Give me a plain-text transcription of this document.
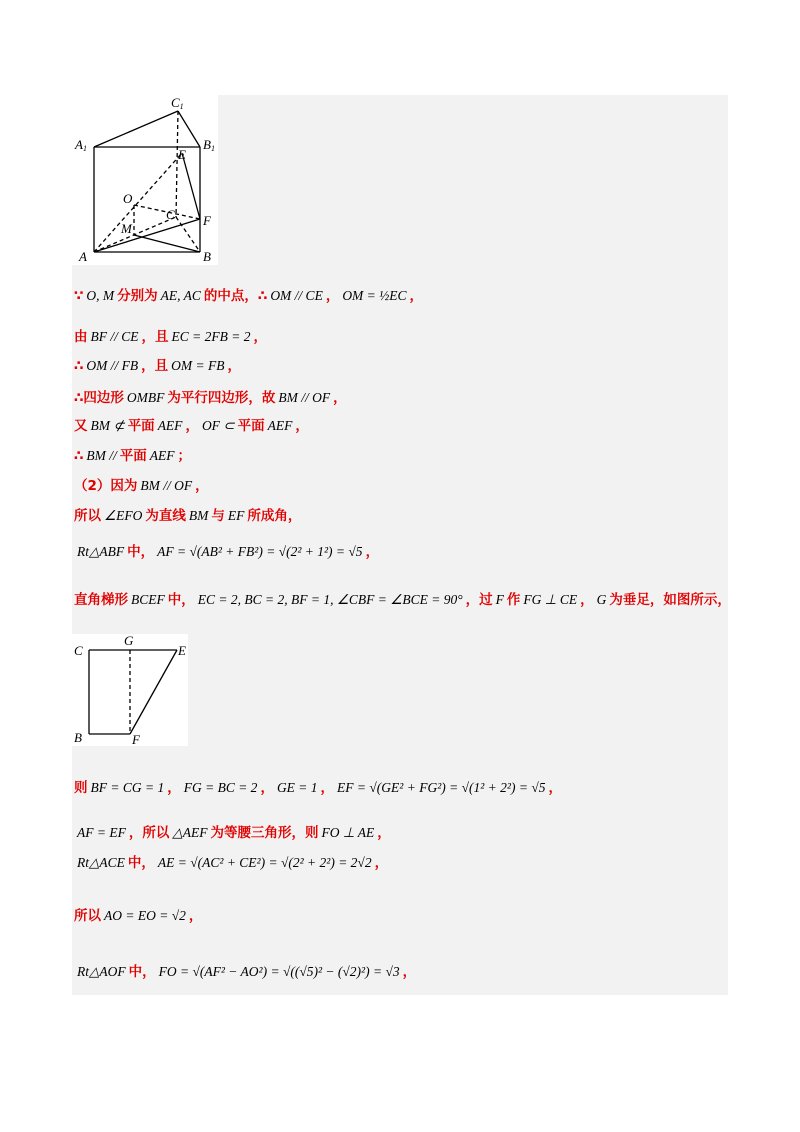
C1
A1	B1
E
O
C
M
F
A	B
G
C	E
B	F
∵ O, M 分别为 AE, AC 的中点，∴ OM // CE ， OM = ½EC ，
由 BF // CE ，且 EC = 2FB = 2 ，
∴ OM // FB ，且 OM = FB ，
∴四边形 OMBF 为平行四边形，故 BM // OF ，
又 BM ⊄ 平面 AEF ， OF ⊂ 平面 AEF ，
∴ BM // 平面 AEF ；
（2）因为 BM // OF ，
所以 ∠EFO 为直线 BM 与 EF 所成角，
Rt△ABF 中， AF = √(AB² + FB²) = √(2² + 1²) = √5 ，
直角梯形 BCEF 中， EC = 2, BC = 2, BF = 1, ∠CBF = ∠BCE = 90° ，过 F 作 FG ⊥ CE ， G 为垂足，如图所示，
则 BF = CG = 1 ， FG = BC = 2 ， GE = 1 ， EF = √(GE² + FG²) = √(1² + 2²) = √5 ，
AF = EF ，所以 △AEF 为等腰三角形，则 FO ⊥ AE ，
Rt△ACE 中， AE = √(AC² + CE²) = √(2² + 2²) = 2√2 ，
所以 AO = EO = √2 ，
Rt△AOF 中， FO = √(AF² − AO²) = √((√5)² − (√2)²) = √3 ，
